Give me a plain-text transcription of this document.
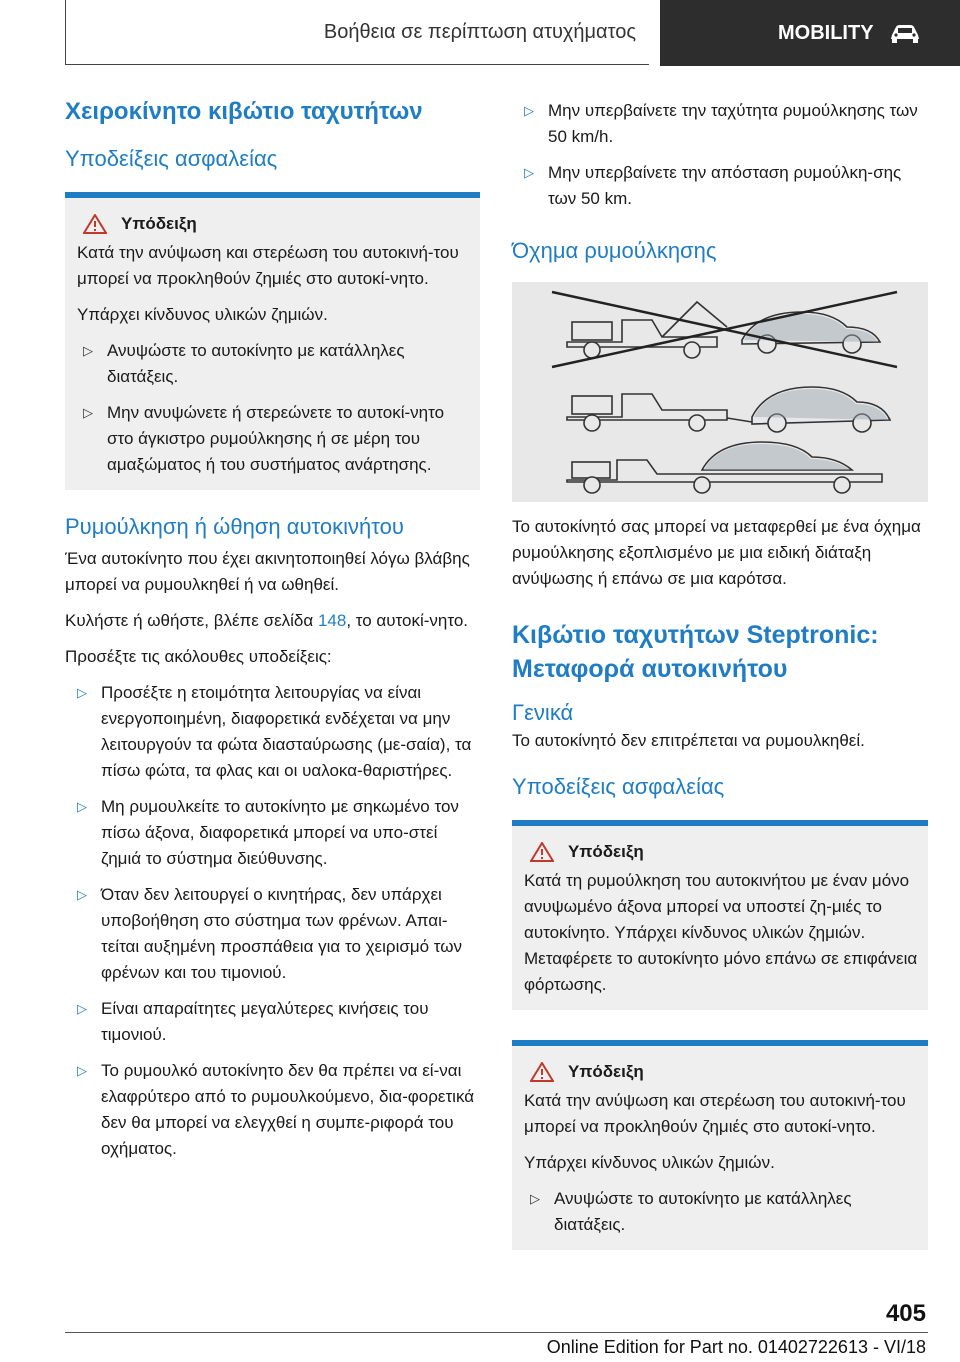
Βοήθεια σε περίπτωση ατυχήματος	MOBILITY
Χειροκίνητο κιβώτιο ταχυτήτων
Υποδείξεις ασφαλείας
Υπόδειξη

Κατά την ανύψωση και στερέωση του αυτοκινή-του μπορεί να προκληθούν ζημιές στο αυτοκί-νητο.

Υπάρχει κίνδυνος υλικών ζημιών.

▷ Ανυψώστε το αυτοκίνητο με κατάλληλες διατάξεις.
▷ Μην ανυψώνετε ή στερεώνετε το αυτοκί-νητο στο άγκιστρο ρυμούλκησης ή σε μέρη του αμαξώματος ή του συστήματος ανάρτησης.
Ρυμούλκηση ή ώθηση αυτοκινήτου

Ένα αυτοκίνητο που έχει ακινητοποιηθεί λόγω βλάβης μπορεί να ρυμουλκηθεί ή να ωθηθεί.

Κυλήστε ή ωθήστε, βλέπε σελίδα 148, το αυτοκί-νητο.

Προσέξτε τις ακόλουθες υποδείξεις:

▷ Προσέξτε η ετοιμότητα λειτουργίας να είναι ενεργοποιημένη, διαφορετικά ενδέχεται να μην λειτουργούν τα φώτα διασταύρωσης (με-σαία), τα πίσω φώτα, τα φλας και οι υαλοκα-θαριστήρες.
▷ Μη ρυμουλκείτε το αυτοκίνητο με σηκωμένο τον πίσω άξονα, διαφορετικά μπορεί να υπο-στεί ζημιά το σύστημα διεύθυνσης.
▷ Όταν δεν λειτουργεί ο κινητήρας, δεν υπάρχει υποβοήθηση στο σύστημα των φρένων. Απαι-τείται αυξημένη προσπάθεια για το χειρισμό των φρένων και του τιμονιού.
▷ Είναι απαραίτητες μεγαλύτερες κινήσεις του τιμονιού.
▷ Το ρυμουλκό αυτοκίνητο δεν θα πρέπει να εί-ναι ελαφρύτερο από το ρυμουλκούμενο, δια-φορετικά δεν θα μπορεί να ελεγχθεί η συμπε-ριφορά του οχήματος.
▷ Μην υπερβαίνετε την ταχύτητα ρυμούλκησης των 50 km/h.
▷ Μην υπερβαίνετε την απόσταση ρυμούλκη-σης των 50 km.
Όχημα ρυμούλκησης

Το αυτοκίνητό σας μπορεί να μεταφερθεί με ένα όχημα ρυμούλκησης εξοπλισμένο με μια ειδική διάταξη ανύψωσης ή επάνω σε μια καρότσα.

Κιβώτιο ταχυτήτων Steptronic: Μεταφορά αυτοκινήτου

Γενικά

Το αυτοκίνητό δεν επιτρέπεται να ρυμουλκηθεί.

Υποδείξεις ασφαλείας
Υπόδειξη

Κατά τη ρυμούλκηση του αυτοκινήτου με έναν μόνο ανυψωμένο άξονα μπορεί να υποστεί ζη-μιές το αυτοκίνητο. Υπάρχει κίνδυνος υλικών ζημιών. Μεταφέρετε το αυτοκίνητο μόνο επάνω σε επιφάνεια φόρτωσης.

Υπόδειξη

Κατά την ανύψωση και στερέωση του αυτοκινή-του μπορεί να προκληθούν ζημιές στο αυτοκί-νητο.

Υπάρχει κίνδυνος υλικών ζημιών.

▷ Ανυψώστε το αυτοκίνητο με κατάλληλες διατάξεις.
405
Online Edition for Part no. 01402722613 - VI/18
